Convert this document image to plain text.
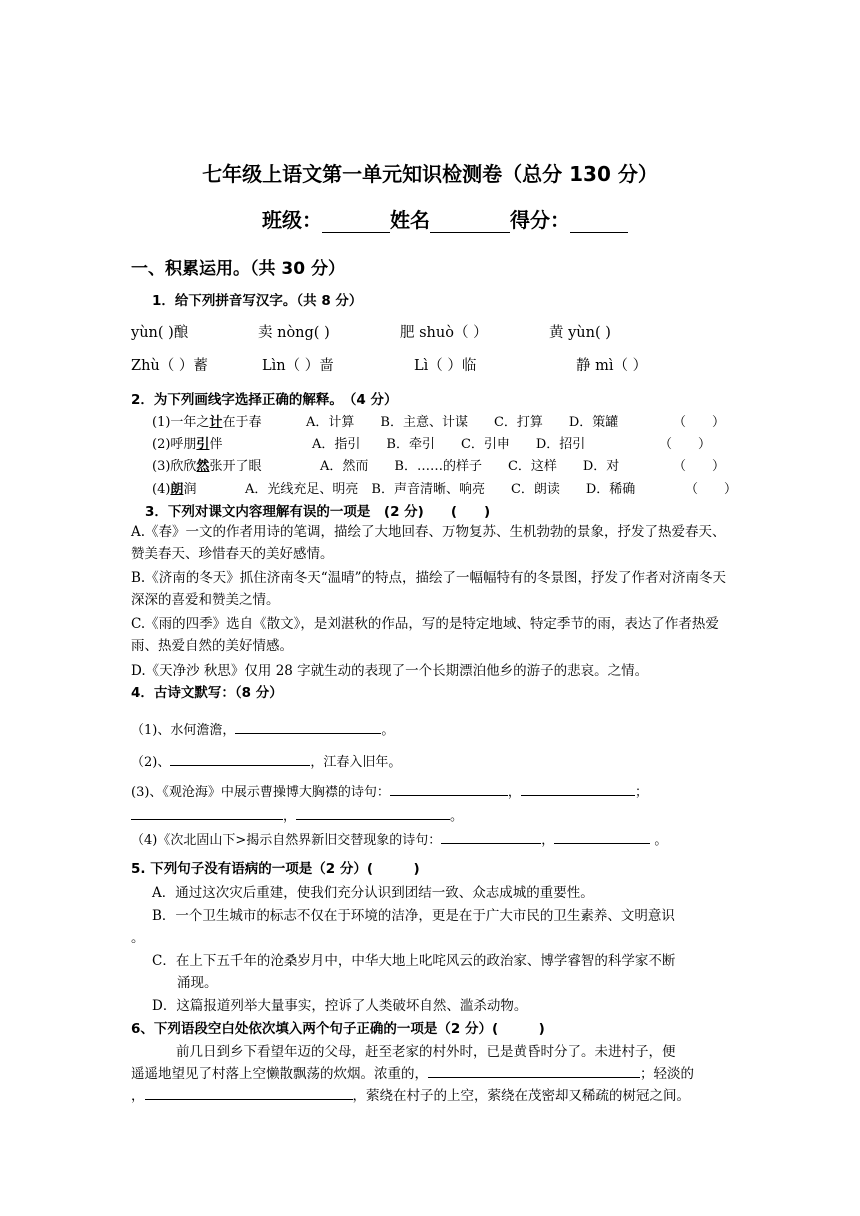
七年级上语文第一单元知识检测卷（总分 130 分）
班级：	姓名	得分：
一、积累运用。（共 30 分）
1．给下列拼音写汉字。（共 8 分）
yùn( )酿	卖 nòng( )	肥 shuò（ ）	黄 yùn( )
Zhù（ ）蓄	Lìn（ ）啬	Lì（ ）临	静 mì（ ）
2．为下列画线字选择正确的解释。　（4 分）
(1)一年之计在于春	A．计算　　B．主意、计谋　　C．打算　　D．策罐	（　　）
(2)呼朋引伴	A．指引　　B．牵引　　C．引申　　D．招引	（　　）
(3)欣欣然张开了眼	A．然而　　B．……的样子　　C．这样　　D．对	（　　）
(4)朗润	A．光线充足、明亮　B．声音清晰、响亮　　C．朗读　　D．稀确	（　　）
3．下列对课文内容理解有误的一项是　(2 分)　　(　　)
A.《春》一文的作者用诗的笔调，描绘了大地回春、万物复苏、生机勃勃的景象，抒发了热爱春天、赞美春天、珍惜春天的美好感情。
B.《济南的冬天》抓住济南冬天“温晴”的特点，描绘了一幅幅特有的冬景图，抒发了作者对济南冬天深深的喜爱和赞美之情。
C.《雨的四季》选自《散文》，是刘湛秋的作品，写的是特定地域、特定季节的雨，表达了作者热爱雨、热爱自然的美好情感。
D.《天净沙 秋思》仅用 28 字就生动的表现了一个长期漂泊他乡的游子的悲哀。之情。
4．古诗文默写：（8 分）
（1)、水何澹澹，	。
（2)、	，江春入旧年。
(3)、《观沧海》中展示曹操博大胸襟的诗句：	，	；
，	。
（4)《次北固山下>揭示自然界新旧交替现象的诗句：	，	。
5. 下列句子没有语病的一项是（2 分）(　　　)
A．通过这次灾后重建，使我们充分认识到团结一致、众志成城的重要性。
B．一个卫生城市的标志不仅在于环境的洁净，更是在于广大市民的卫生素养、文明意识
。
C．在上下五千年的沧桑岁月中，中华大地上叱咤风云的政治家、博学睿智的科学家不断
涌现。
D．这篇报道列举大量事实，控诉了人类破坏自然、滥杀动物。
6、下列语段空白处依次填入两个句子正确的一项是（2 分）(　　　)
前几日到乡下看望年迈的父母，赶至老家的村外时，已是黄昏时分了。未进村子，便
遥遥地望见了村落上空懒散飘荡的炊烟。浓重的，	；轻淡的
，	，萦绕在村子的上空，萦绕在茂密却又稀疏的树冠之间。
